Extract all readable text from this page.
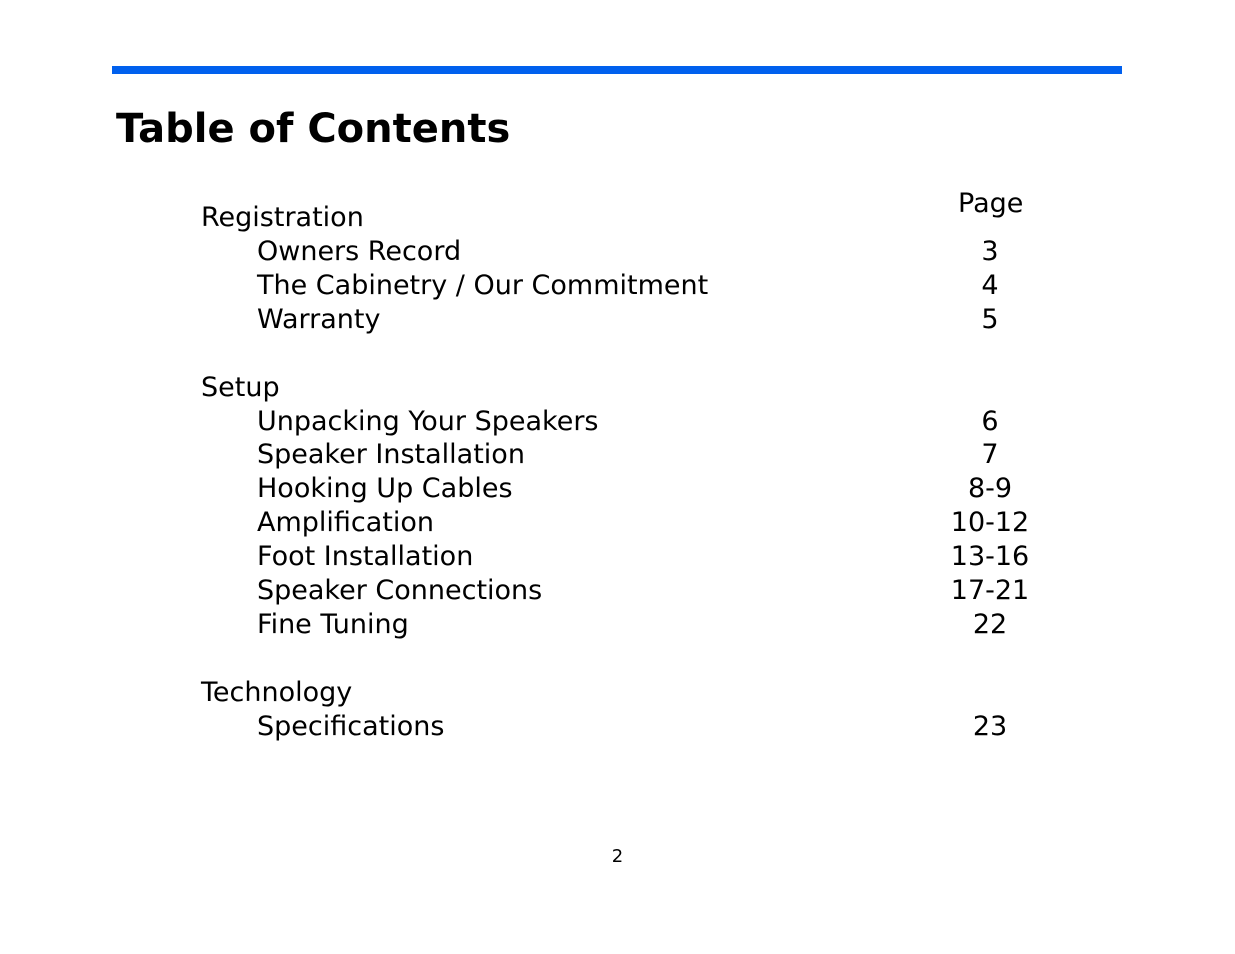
Table of Contents
Page
Registration
Owners Record	3
The Cabinetry / Our Commitment	4
Warranty	5
Setup
Unpacking Your Speakers	6
Speaker Installation	7
Hooking Up Cables	8-9
Amplification	10-12
Foot Installation	13-16
Speaker Connections	17-21
Fine Tuning	22
Technology
Specifications	23
2
